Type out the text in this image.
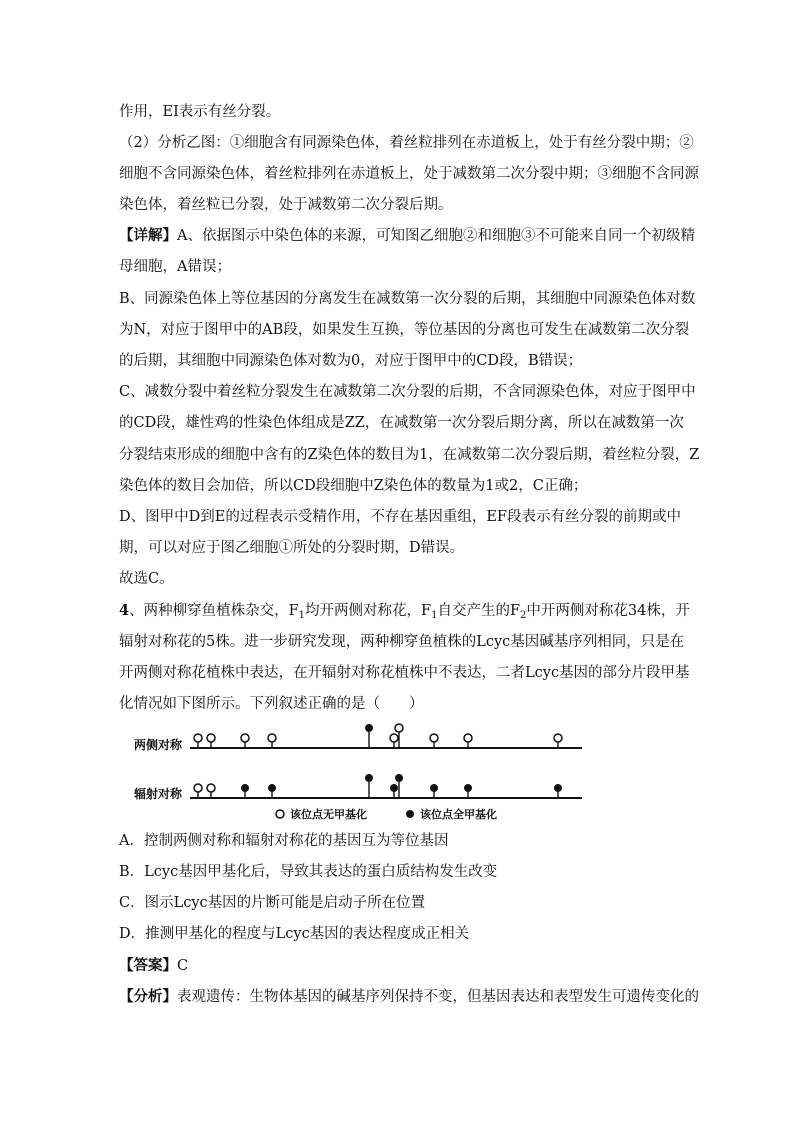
作用，EI表示有丝分裂。
（2）分析乙图：①细胞含有同源染色体，着丝粒排列在赤道板上，处于有丝分裂中期；②
细胞不含同源染色体，着丝粒排列在赤道板上，处于减数第二次分裂中期；③细胞不含同源
染色体，着丝粒已分裂，处于减数第二次分裂后期。
【详解】A、依据图示中染色体的来源，可知图乙细胞②和细胞③不可能来自同一个初级精
母细胞，A错误；
B、同源染色体上等位基因的分离发生在减数第一次分裂的后期，其细胞中同源染色体对数
为N，对应于图甲中的AB段，如果发生互换，等位基因的分离也可发生在减数第二次分裂
的后期，其细胞中同源染色体对数为0，对应于图甲中的CD段，B错误；
C、减数分裂中着丝粒分裂发生在减数第二次分裂的后期，不含同源染色体，对应于图甲中
的CD段，雄性鸡的性染色体组成是ZZ，在减数第一次分裂后期分离，所以在减数第一次
分裂结束形成的细胞中含有的Z染色体的数目为1，在减数第二次分裂后期，着丝粒分裂，Z
染色体的数目会加倍，所以CD段细胞中Z染色体的数量为1或2，C正确；
D、图甲中D到E的过程表示受精作用，不存在基因重组，EF段表示有丝分裂的前期或中
期，可以对应于图乙细胞①所处的分裂时期，D错误。
故选C。
4、两种柳穿鱼植株杂交，$F_1$均开两侧对称花，$F_1$自交产生的$F_2$中开两侧对称花34株，开
辐射对称花的5株。进一步研究发现，两种柳穿鱼植株的Lcyc基因碱基序列相同，只是在
开两侧对称花植株中表达，在开辐射对称花植株中不表达，二者Lcyc基因的部分片段甲基
化情况如下图所示。下列叙述正确的是（　　）
两侧对称
辐射对称
该位点无甲基化	该位点全甲基化
A．控制两侧对称和辐射对称花的基因互为等位基因
B．Lcyc基因甲基化后，导致其表达的蛋白质结构发生改变
C．图示Lcyc基因的片断可能是启动子所在位置
D．推测甲基化的程度与Lcyc基因的表达程度成正相关
【答案】C
【分析】表观遗传：生物体基因的碱基序列保持不变，但基因表达和表型发生可遗传变化的
